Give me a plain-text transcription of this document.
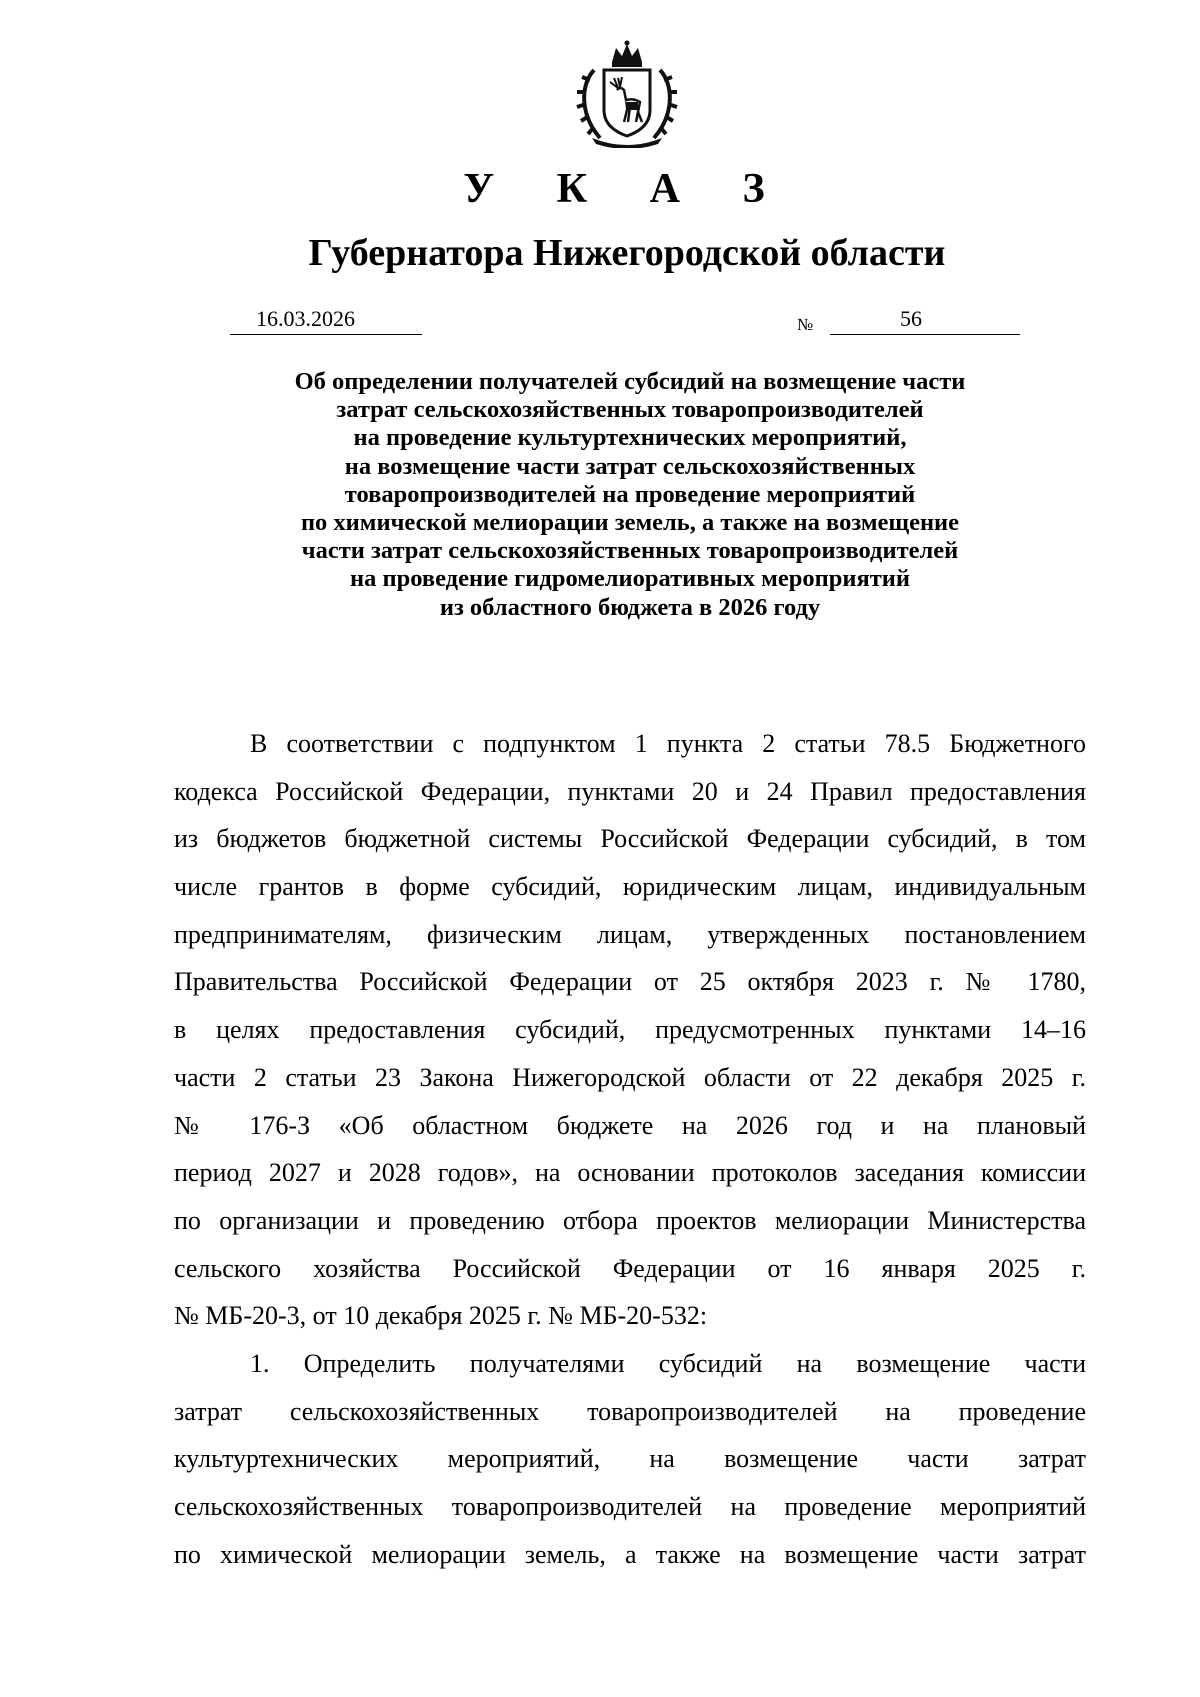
У К А З
Губернатора Нижегородской области
16.03.2026	№	56
Об определении получателей субсидий на возмещение части
затрат сельскохозяйственных товаропроизводителей
на проведение культуртехнических мероприятий,
на возмещение части затрат сельскохозяйственных
товаропроизводителей на проведение мероприятий
по химической мелиорации земель, а также на возмещение
части затрат сельскохозяйственных товаропроизводителей
на проведение гидромелиоративных мероприятий
из областного бюджета в 2026 году
В соответствии с подпунктом 1 пункта 2 статьи 78.5 Бюджетного
кодекса Российской Федерации, пунктами 20 и 24 Правил предоставления
из бюджетов бюджетной системы Российской Федерации субсидий, в том
числе грантов в форме субсидий, юридическим лицам, индивидуальным
предпринимателям, физическим лицам, утвержденных постановлением
Правительства Российской Федерации от 25 октября 2023 г. № 1780,
в целях предоставления субсидий, предусмотренных пунктами 14–16
части 2 статьи 23 Закона Нижегородской области от 22 декабря 2025 г.
№ 176-З «Об областном бюджете на 2026 год и на плановый
период 2027 и 2028 годов», на основании протоколов заседания комиссии
по организации и проведению отбора проектов мелиорации Министерства
сельского хозяйства Российской Федерации от 16 января 2025 г.
№ МБ-20-3, от 10 декабря 2025 г. № МБ-20-532:
1. Определить получателями субсидий на возмещение части
затрат сельскохозяйственных товаропроизводителей на проведение
культуртехнических мероприятий, на возмещение части затрат
сельскохозяйственных товаропроизводителей на проведение мероприятий
по химической мелиорации земель, а также на возмещение части затрат
